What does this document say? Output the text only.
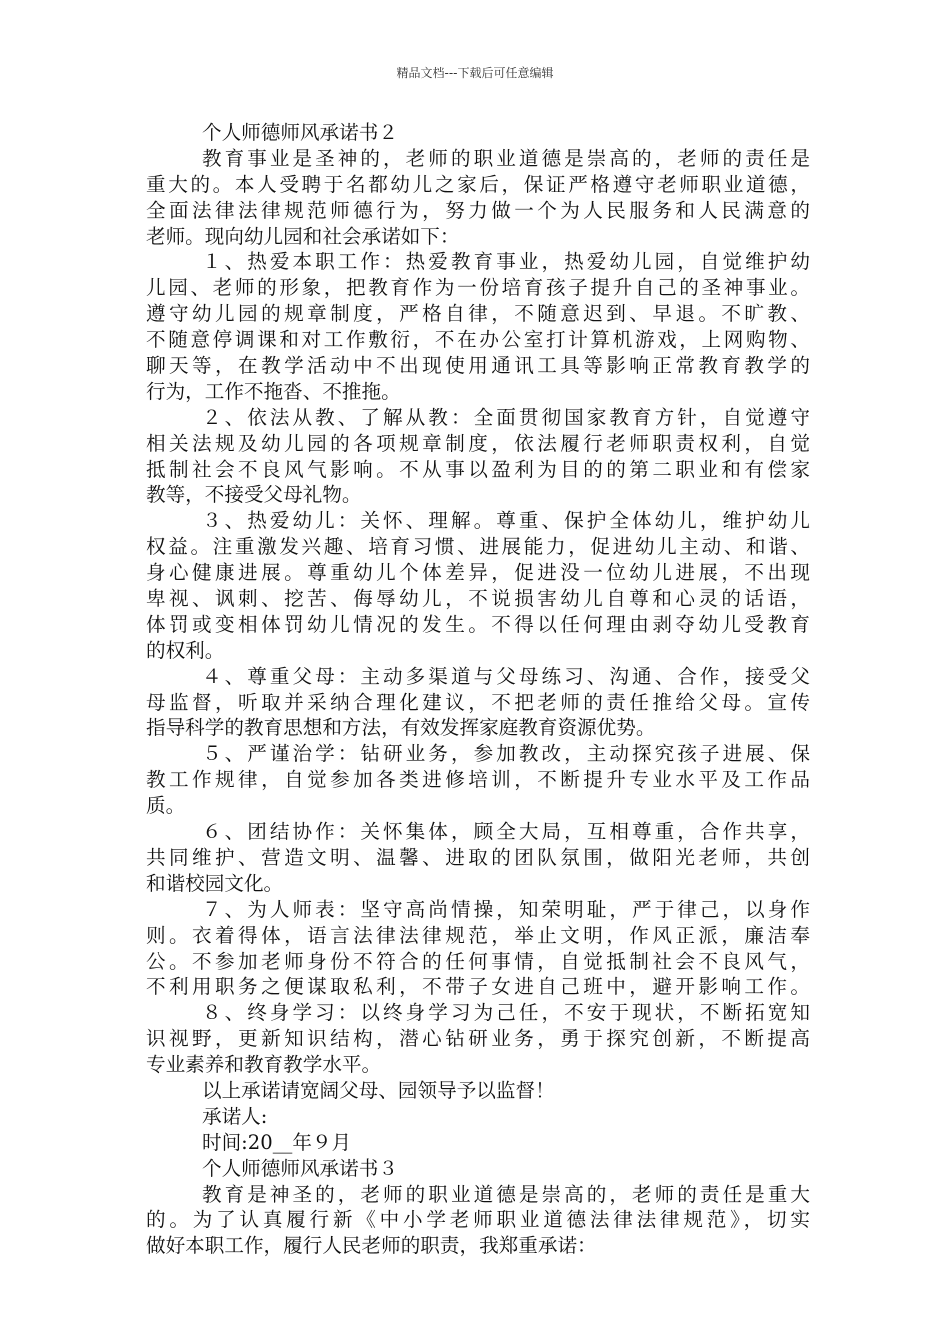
精品文档---下载后可任意编辑
个人师德师风承诺书２
教育事业是圣神的，老师的职业道德是崇高的，老师的责任是
重大的。本人受聘于名都幼儿之家后，保证严格遵守老师职业道德，
全面法律法律规范师德行为，努力做一个为人民服务和人民满意的
老师。现向幼儿园和社会承诺如下：
１、热爱本职工作：热爱教育事业，热爱幼儿园，自觉维护幼
儿园、老师的形象，把教育作为一份培育孩子提升自己的圣神事业。
遵守幼儿园的规章制度，严格自律，不随意迟到、早退。不旷教、
不随意停调课和对工作敷衍，不在办公室打计算机游戏，上网购物、
聊天等，在教学活动中不出现使用通讯工具等影响正常教育教学的
行为，工作不拖沓、不推拖。
２、依法从教、了解从教：全面贯彻国家教育方针，自觉遵守
相关法规及幼儿园的各项规章制度，依法履行老师职责权利，自觉
抵制社会不良风气影响。不从事以盈利为目的的第二职业和有偿家
教等，不接受父母礼物。
３、热爱幼儿：关怀、理解。尊重、保护全体幼儿，维护幼儿
权益。注重激发兴趣、培育习惯、进展能力，促进幼儿主动、和谐、
身心健康进展。尊重幼儿个体差异，促进没一位幼儿进展，不出现
卑视、讽刺、挖苦、侮辱幼儿，不说损害幼儿自尊和心灵的话语，
体罚或变相体罚幼儿情况的发生。不得以任何理由剥夺幼儿受教育
的权利。
４、尊重父母：主动多渠道与父母练习、沟通、合作，接受父
母监督，听取并采纳合理化建议，不把老师的责任推给父母。宣传
指导科学的教育思想和方法，有效发挥家庭教育资源优势。
５、严谨治学：钻研业务，参加教改，主动探究孩子进展、保
教工作规律，自觉参加各类进修培训，不断提升专业水平及工作品
质。
６、团结协作：关怀集体，顾全大局，互相尊重，合作共享，
共同维护、营造文明、温馨、进取的团队氛围，做阳光老师，共创
和谐校园文化。
７、为人师表：坚守高尚情操，知荣明耻，严于律己，以身作
则。衣着得体，语言法律法律规范，举止文明，作风正派，廉洁奉
公。不参加老师身份不符合的任何事情，自觉抵制社会不良风气，
不利用职务之便谋取私利，不带子女进自己班中，避开影响工作。
８、终身学习：以终身学习为己任，不安于现状，不断拓宽知
识视野，更新知识结构，潜心钻研业务，勇于探究创新，不断提高
专业素养和教育教学水平。
以上承诺请宽阔父母、园领导予以监督！
承诺人:
时间:20__年９月
个人师德师风承诺书３
教育是神圣的，老师的职业道德是崇高的，老师的责任是重大
的。为了认真履行新《中小学老师职业道德法律法律规范》，切实
做好本职工作，履行人民老师的职责，我郑重承诺：
